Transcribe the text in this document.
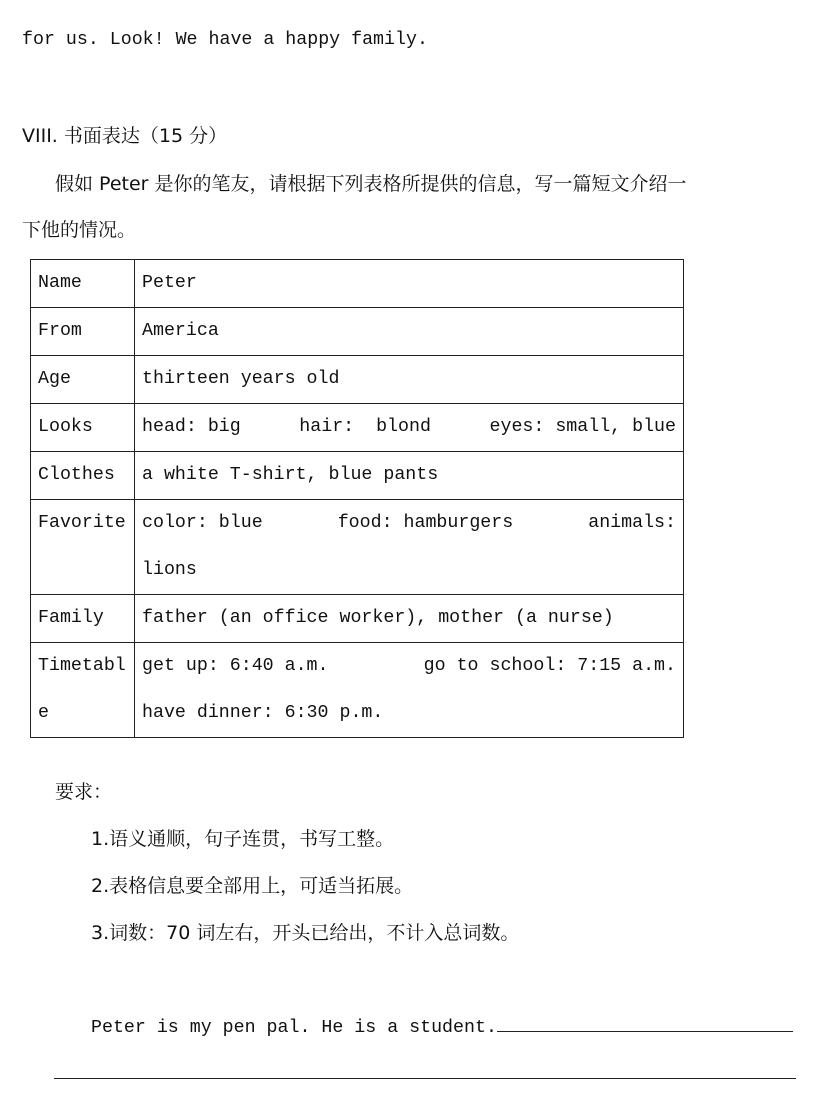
for us. Look! We have a happy family.
VIII. 书面表达（15 分）
假如 Peter 是你的笔友，请根据下列表格所提供的信息，写一篇短文介绍一
下他的情况。
Name	Peter
From	America
Age	thirteen years old
Looks	head: big hair:  blond eyes: small, blue

Clothes	a white T-shirt, blue pants
Favorite	color: blue food: hamburgers animals:
lions

Family	father (an office worker), mother (a nurse)
Timetable	get up: 6:40 a.m. go to school: 7:15 a.m.
have dinner: 6:30 p.m.
要求：
1.语义通顺，句子连贯，书写工整。
2.表格信息要全部用上，可适当拓展。
3.词数：70 词左右，开头已给出，不计入总词数。
Peter is my pen pal. He is a student.
